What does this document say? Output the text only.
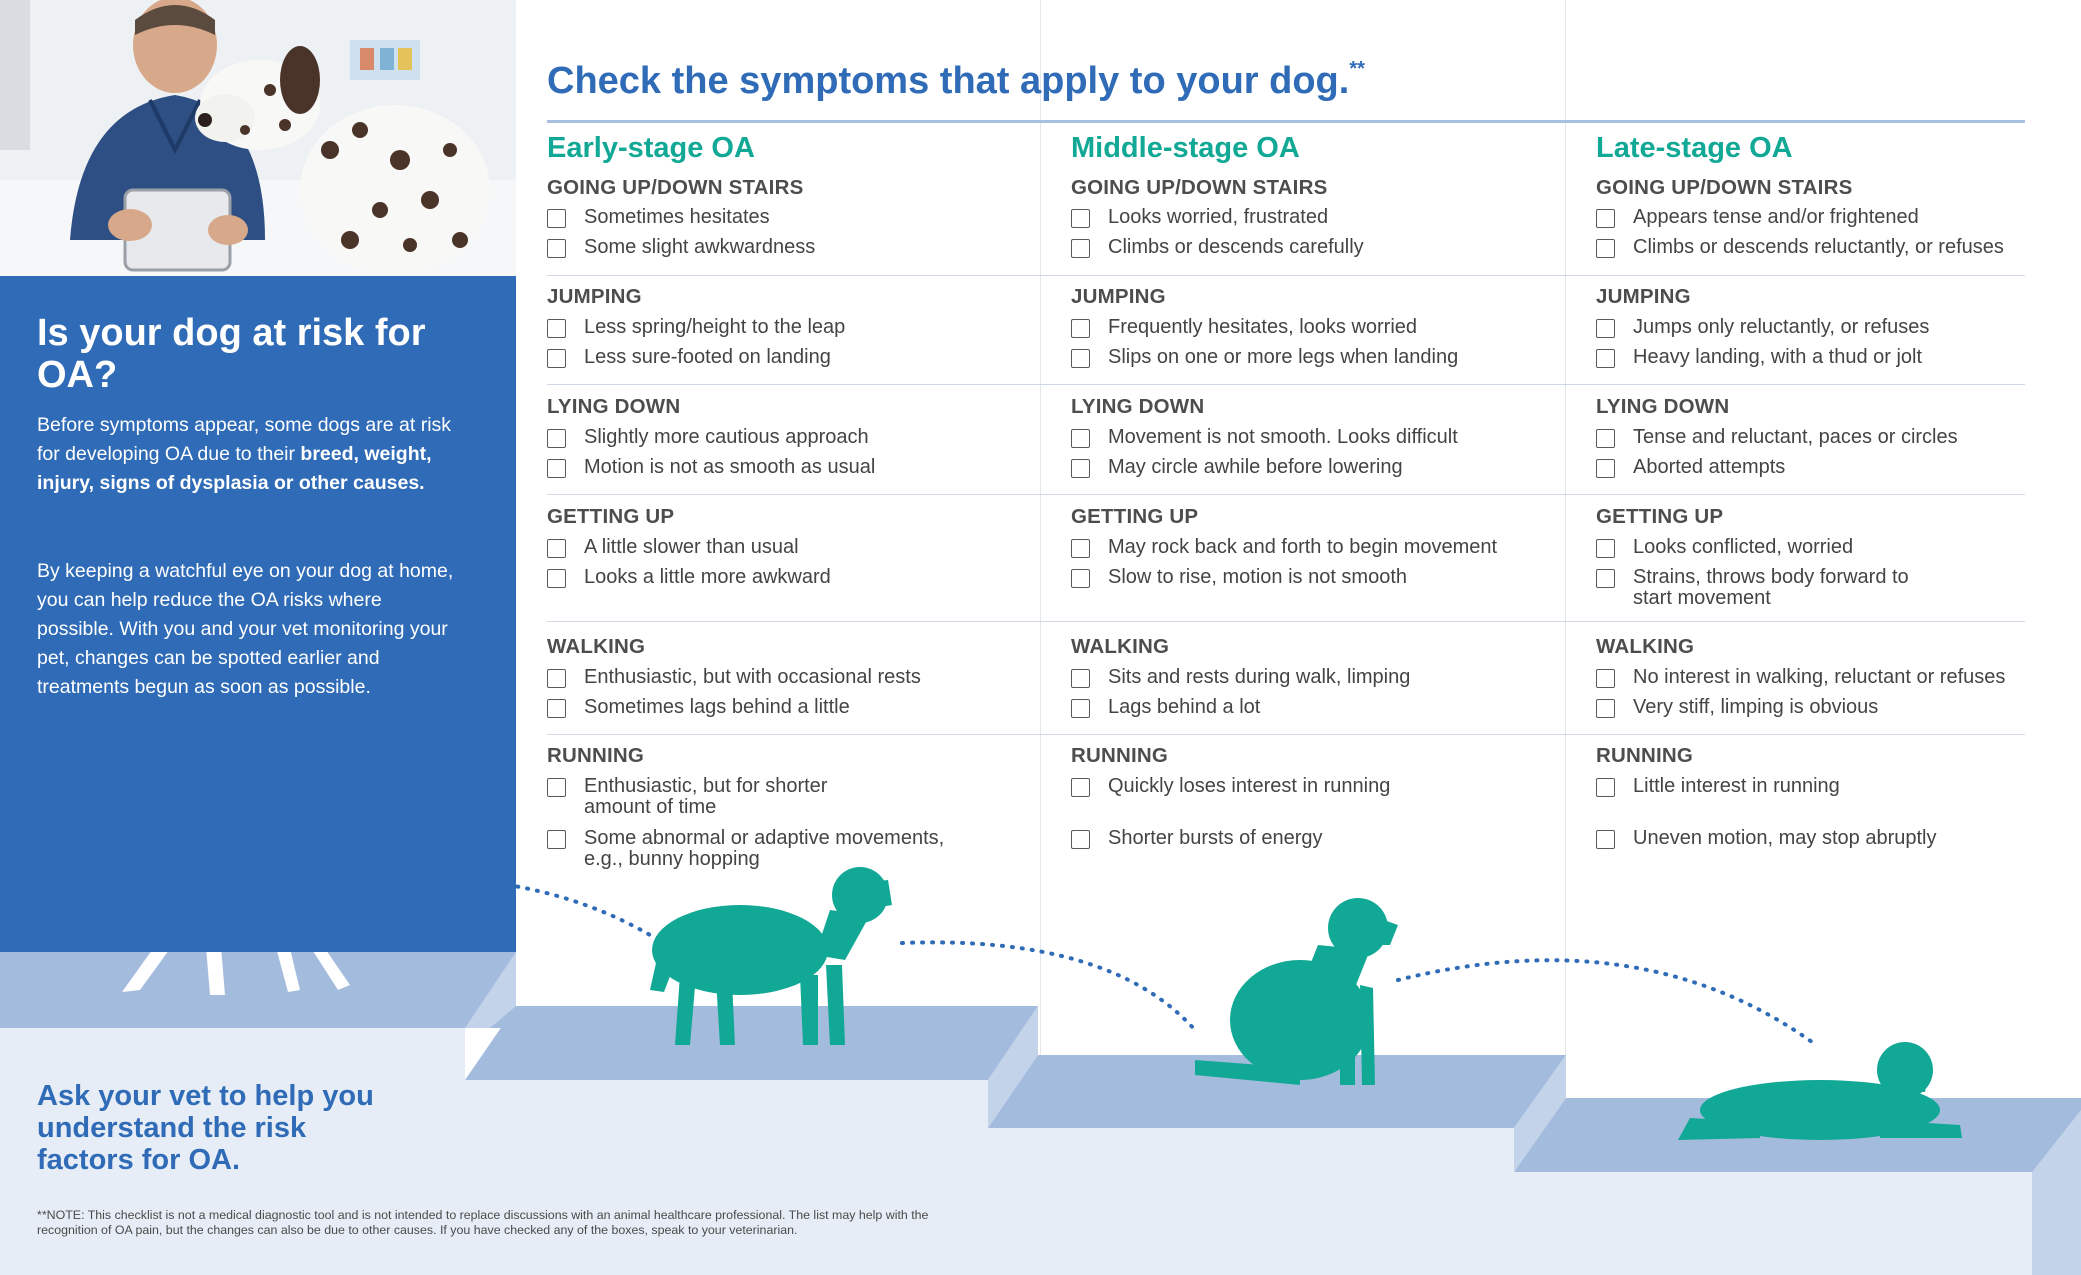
Is your dog at risk for OA?
Before symptoms appear, some dogs are at risk for developing OA due to their breed, weight, injury, signs of dysplasia or other causes.
By keeping a watchful eye on your dog at home, you can help reduce the OA risks where possible. With you and your vet monitoring your pet, changes can be spotted earlier and treatments begun as soon as possible.
Ask your vet to help you understand the risk factors for OA.
**NOTE: This checklist is not a medical diagnostic tool and is not intended to replace discussions with an animal healthcare professional. The list may help with the recognition of OA pain, but the changes can also be due to other causes. If you have checked any of the boxes, speak to your veterinarian.
Check the symptoms that apply to your dog.**
Early-stage OA
GOING UP/DOWN STAIRS
Sometimes hesitates
Some slight awkwardness
JUMPING
Less spring/height to the leap
Less sure-footed on landing
LYING DOWN
Slightly more cautious approach
Motion is not as smooth as usual
GETTING UP
A little slower than usual
Looks a little more awkward
WALKING
Enthusiastic, but with occasional rests
Sometimes lags behind a little
RUNNING
Enthusiastic, but for shorter
amount of time
Some abnormal or adaptive movements,
e.g., bunny hopping
Middle-stage OA
GOING UP/DOWN STAIRS
Looks worried, frustrated
Climbs or descends carefully
JUMPING
Frequently hesitates, looks worried
Slips on one or more legs when landing
LYING DOWN
Movement is not smooth. Looks difficult
May circle awhile before lowering
GETTING UP
May rock back and forth to begin movement
Slow to rise, motion is not smooth
WALKING
Sits and rests during walk, limping
Lags behind a lot
RUNNING
Quickly loses interest in running
Shorter bursts of energy
Late-stage OA
GOING UP/DOWN STAIRS
Appears tense and/or frightened
Climbs or descends reluctantly, or refuses
JUMPING
Jumps only reluctantly, or refuses
Heavy landing, with a thud or jolt
LYING DOWN
Tense and reluctant, paces or circles
Aborted attempts
GETTING UP
Looks conflicted, worried
Strains, throws body forward to
start movement
WALKING
No interest in walking, reluctant or refuses
Very stiff, limping is obvious
RUNNING
Little interest in running
Uneven motion, may stop abruptly
